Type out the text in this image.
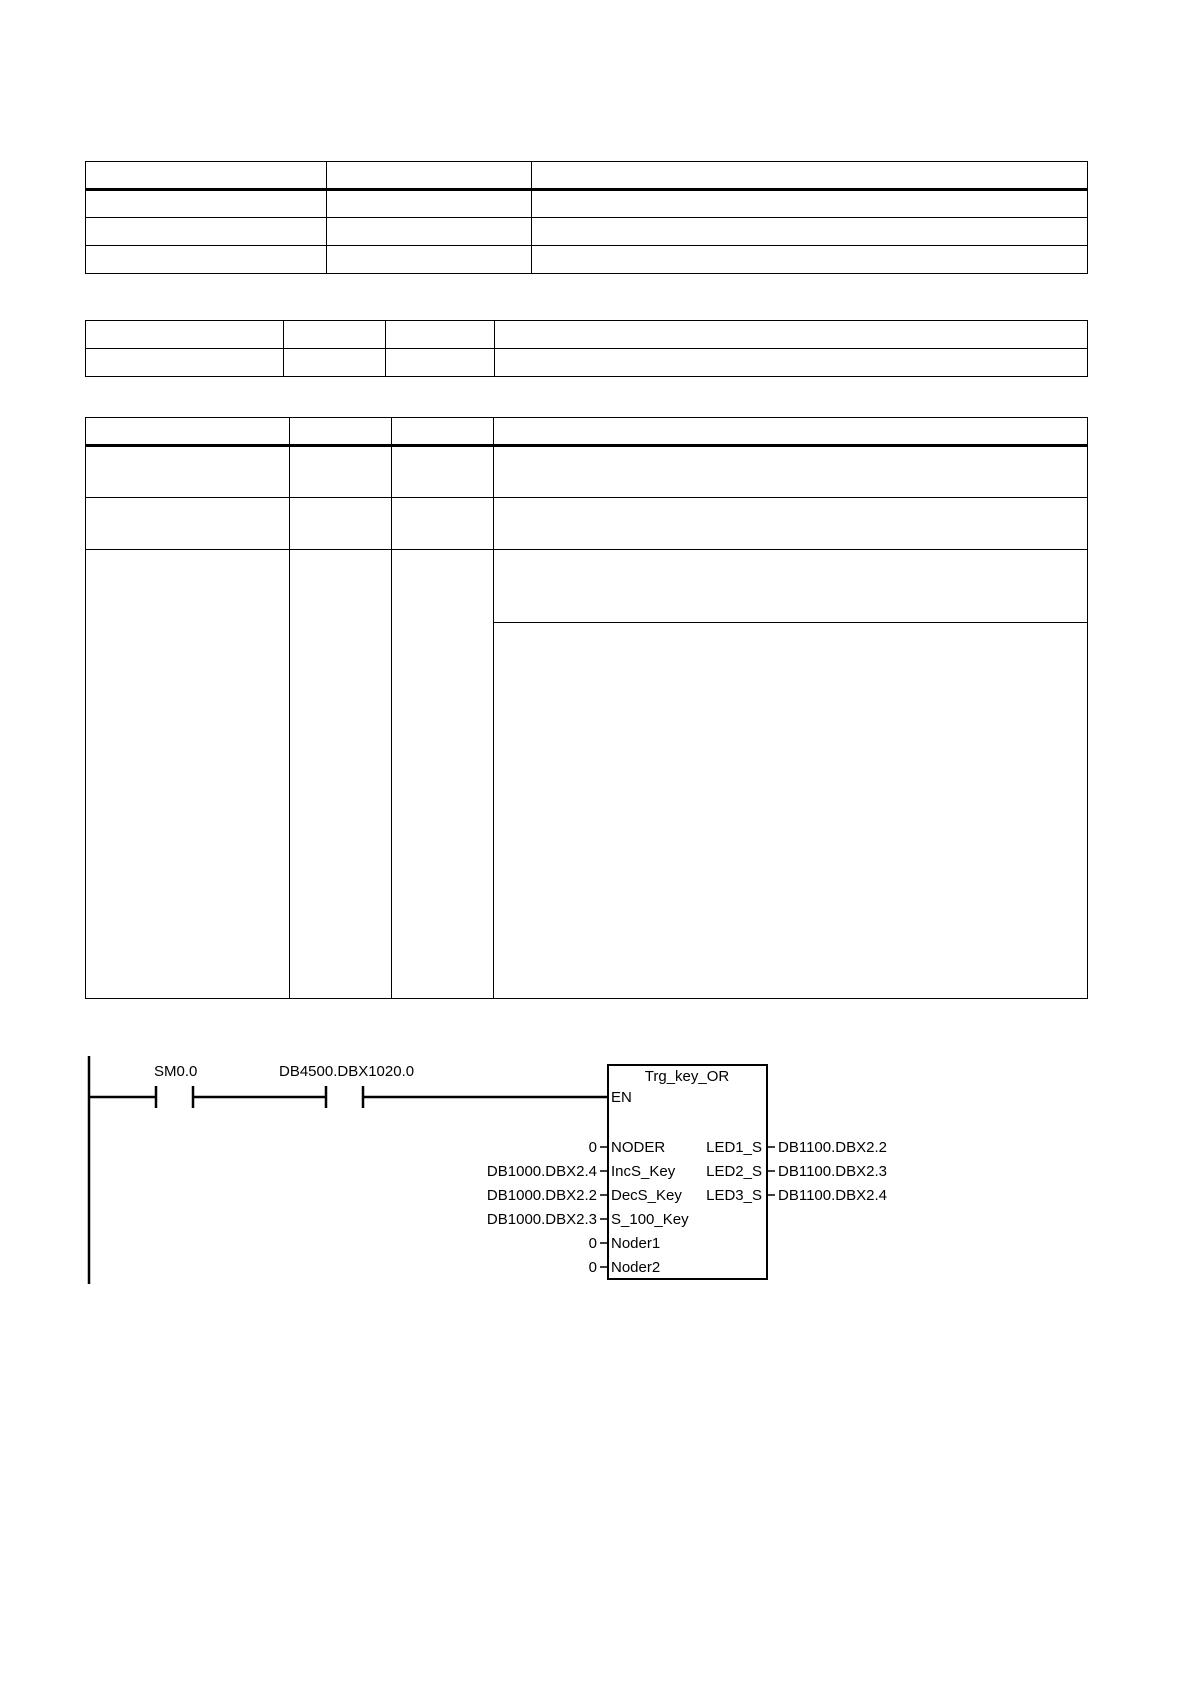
SM0.0	DB4500.DBX1020.0	Trg_key_OR
EN
NODER
0
IncS_Key
DB1000.DBX2.4
DecS_Key
DB1000.DBX2.2
S_100_Key
DB1000.DBX2.3
Noder1
0
Noder2
0
LED1_S DB1100.DBX2.2
LED2_S DB1100.DBX2.3
LED3_S DB1100.DBX2.4
